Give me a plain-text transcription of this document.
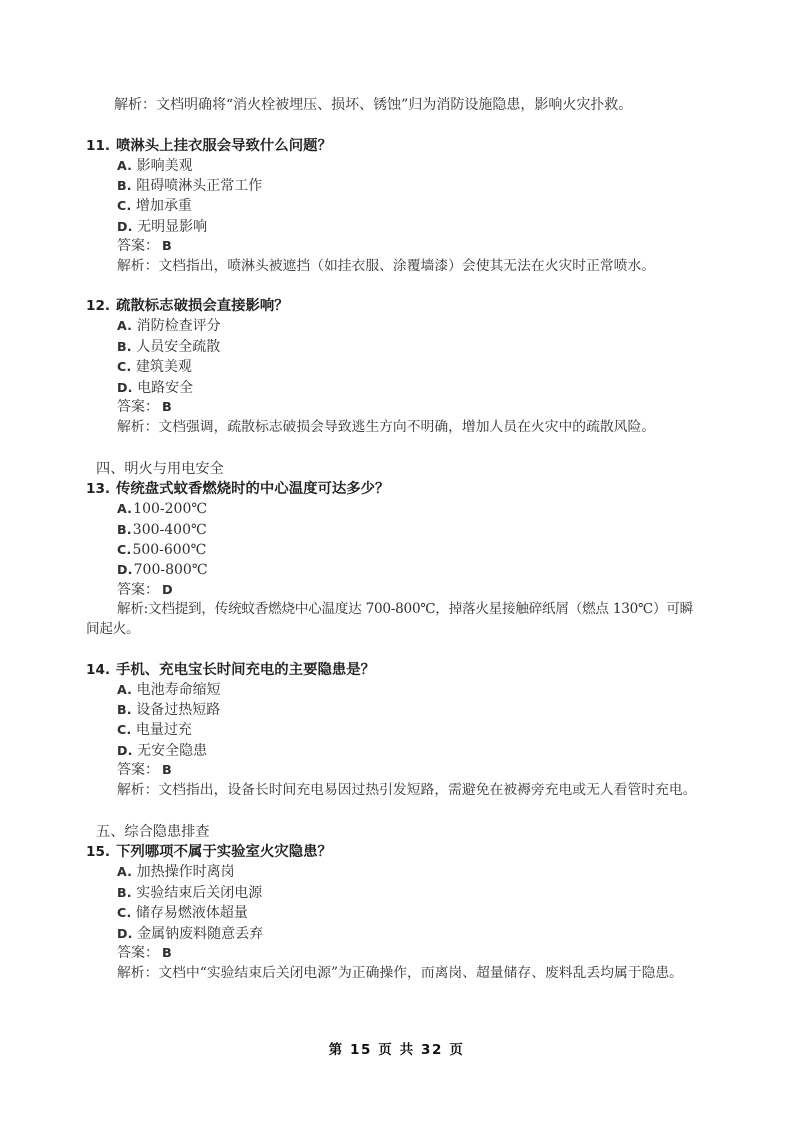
解析：文档明确将“消火栓被埋压、损坏、锈蚀”归为消防设施隐患，影响火灾扑救。
11. 喷淋头上挂衣服会导致什么问题？
A. 影响美观
B. 阻碍喷淋头正常工作
C. 增加承重
D. 无明显影响
答案： B
解析：文档指出，喷淋头被遮挡（如挂衣服、涂覆墙漆）会使其无法在火灾时正常喷水。
12. 疏散标志破损会直接影响？
A. 消防检查评分
B. 人员安全疏散
C. 建筑美观
D. 电路安全
答案： B
解析：文档强调，疏散标志破损会导致逃生方向不明确，增加人员在火灾中的疏散风险。
四、明火与用电安全
13. 传统盘式蚊香燃烧时的中心温度可达多少？
A.100-200℃
B.300-400℃
C.500-600℃
D.700-800℃
答案： D
解析:文档提到，传统蚊香燃烧中心温度达 700-800℃，掉落火星接触碎纸屑（燃点 130℃）可瞬间起火。
14. 手机、充电宝长时间充电的主要隐患是？
A. 电池寿命缩短
B. 设备过热短路
C. 电量过充
D. 无安全隐患
答案： B
解析：文档指出，设备长时间充电易因过热引发短路，需避免在被褥旁充电或无人看管时充电。
五、综合隐患排查
15. 下列哪项不属于实验室火灾隐患？
A. 加热操作时离岗
B. 实验结束后关闭电源
C. 储存易燃液体超量
D. 金属钠废料随意丢弃
答案： B
解析：文档中“实验结束后关闭电源”为正确操作，而离岗、超量储存、废料乱丢均属于隐患。
第 15 页 共 32 页
